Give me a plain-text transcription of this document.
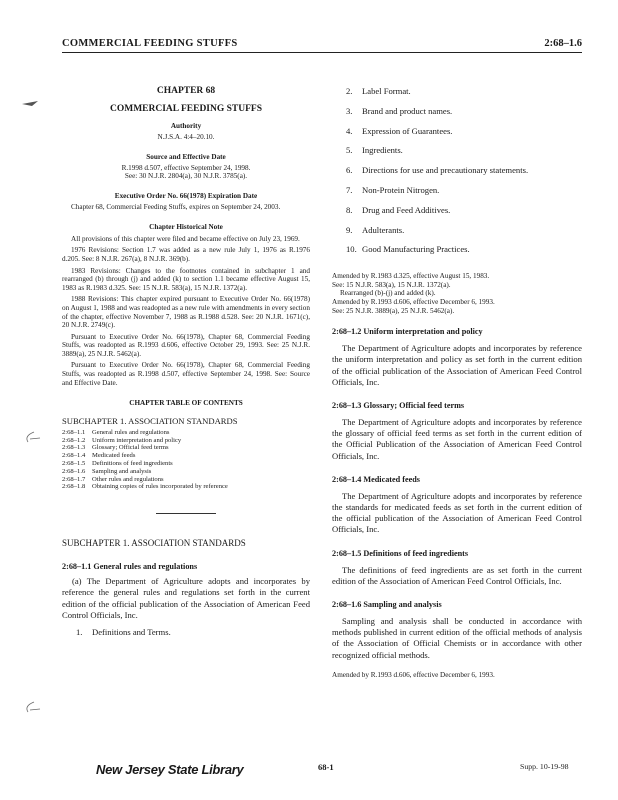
COMMERCIAL FEEDING STUFFS	2:68–1.6
CHAPTER 68
COMMERCIAL FEEDING STUFFS
Authority
N.J.S.A. 4:4–20.10.
Source and Effective Date
R.1998 d.507, effective September 24, 1998.
See: 30 N.J.R. 2804(a), 30 N.J.R. 3785(a).
Executive Order No. 66(1978) Expiration Date
Chapter 68, Commercial Feeding Stuffs, expires on September 24, 2003.
Chapter Historical Note
All provisions of this chapter were filed and became effective on July 23, 1969.
1976 Revisions: Section 1.7 was added as a new rule July 1, 1976 as R.1976 d.205. See: 8 N.J.R. 267(a), 8 N.J.R. 369(b).
1983 Revisions: Changes to the footnotes contained in subchapter 1 and rearranged (b) through (j) and added (k) to section 1.1 became effective August 15, 1983 as R.1983 d.325. See: 15 N.J.R. 583(a), 15 N.J.R. 1372(a).
1988 Revisions: This chapter expired pursuant to Executive Order No. 66(1978) on August 1, 1988 and was readopted as a new rule with amendments in every section of the chapter, effective November 7, 1988 as R.1988 d.528. See: 20 N.J.R. 1671(c), 20 N.J.R. 2749(c).
Pursuant to Executive Order No. 66(1978), Chapter 68, Commercial Feeding Stuffs, was readopted as R.1993 d.606, effective October 29, 1993. See: 25 N.J.R. 3889(a), 25 N.J.R. 5462(a).
Pursuant to Executive Order No. 66(1978), Chapter 68, Commercial Feeding Stuffs, was readopted as R.1998 d.507, effective September 24, 1998. See: Source and Effective Date.
CHAPTER TABLE OF CONTENTS
SUBCHAPTER 1. ASSOCIATION STANDARDS
2:68–1.1	General rules and regulations
2:68–1.2	Uniform interpretation and policy
2:68–1.3	Glossary; Official feed terms
2:68–1.4	Medicated feeds
2:68–1.5	Definitions of feed ingredients
2:68–1.6	Sampling and analysis
2:68–1.7	Other rules and regulations
2:68–1.8	Obtaining copies of rules incorporated by reference
SUBCHAPTER 1. ASSOCIATION STANDARDS
2:68–1.1 General rules and regulations
(a) The Department of Agriculture adopts and incorporates by reference the general rules and regulations set forth in the current edition of the official publication of the Association of American Feed Control Officials, Inc.
1. Definitions and Terms.
2. Label Format.
3. Brand and product names.
4. Expression of Guarantees.
5. Ingredients.
6. Directions for use and precautionary statements.
7. Non-Protein Nitrogen.
8. Drug and Feed Additives.
9. Adulterants.
10. Good Manufacturing Practices.
Amended by R.1983 d.325, effective August 15, 1983.
See: 15 N.J.R. 583(a), 15 N.J.R. 1372(a).
Rearranged (b)-(j) and added (k).
Amended by R.1993 d.606, effective December 6, 1993.
See: 25 N.J.R. 3889(a), 25 N.J.R. 5462(a).
2:68–1.2 Uniform interpretation and policy
The Department of Agriculture adopts and incorporates by reference the uniform interpretation and policy as set forth in the current edition of the official publication of the Association of American Feed Control Officials, Inc.
2:68–1.3 Glossary; Official feed terms
The Department of Agriculture adopts and incorporates by reference the glossary of official feed terms as set forth in the current edition of the Official Publication of the Association of American Feed Control Officials, Inc.
2:68–1.4 Medicated feeds
The Department of Agriculture adopts and incorporates by reference the standards for medicated feeds as set forth in the current edition of the official publication of the Association of American Feed Control Officials, Inc.
2:68–1.5 Definitions of feed ingredients
The definitions of feed ingredients are as set forth in the current edition of the Association of American Feed Control Officials, Inc.
2:68–1.6 Sampling and analysis
Sampling and analysis shall be conducted in accordance with methods published in current edition of the official methods of analysis of the Association of Official Chemists or in accordance with other recognized official methods.
Amended by R.1993 d.606, effective December 6, 1993.
New Jersey State Library	68-1	Supp. 10-19-98
